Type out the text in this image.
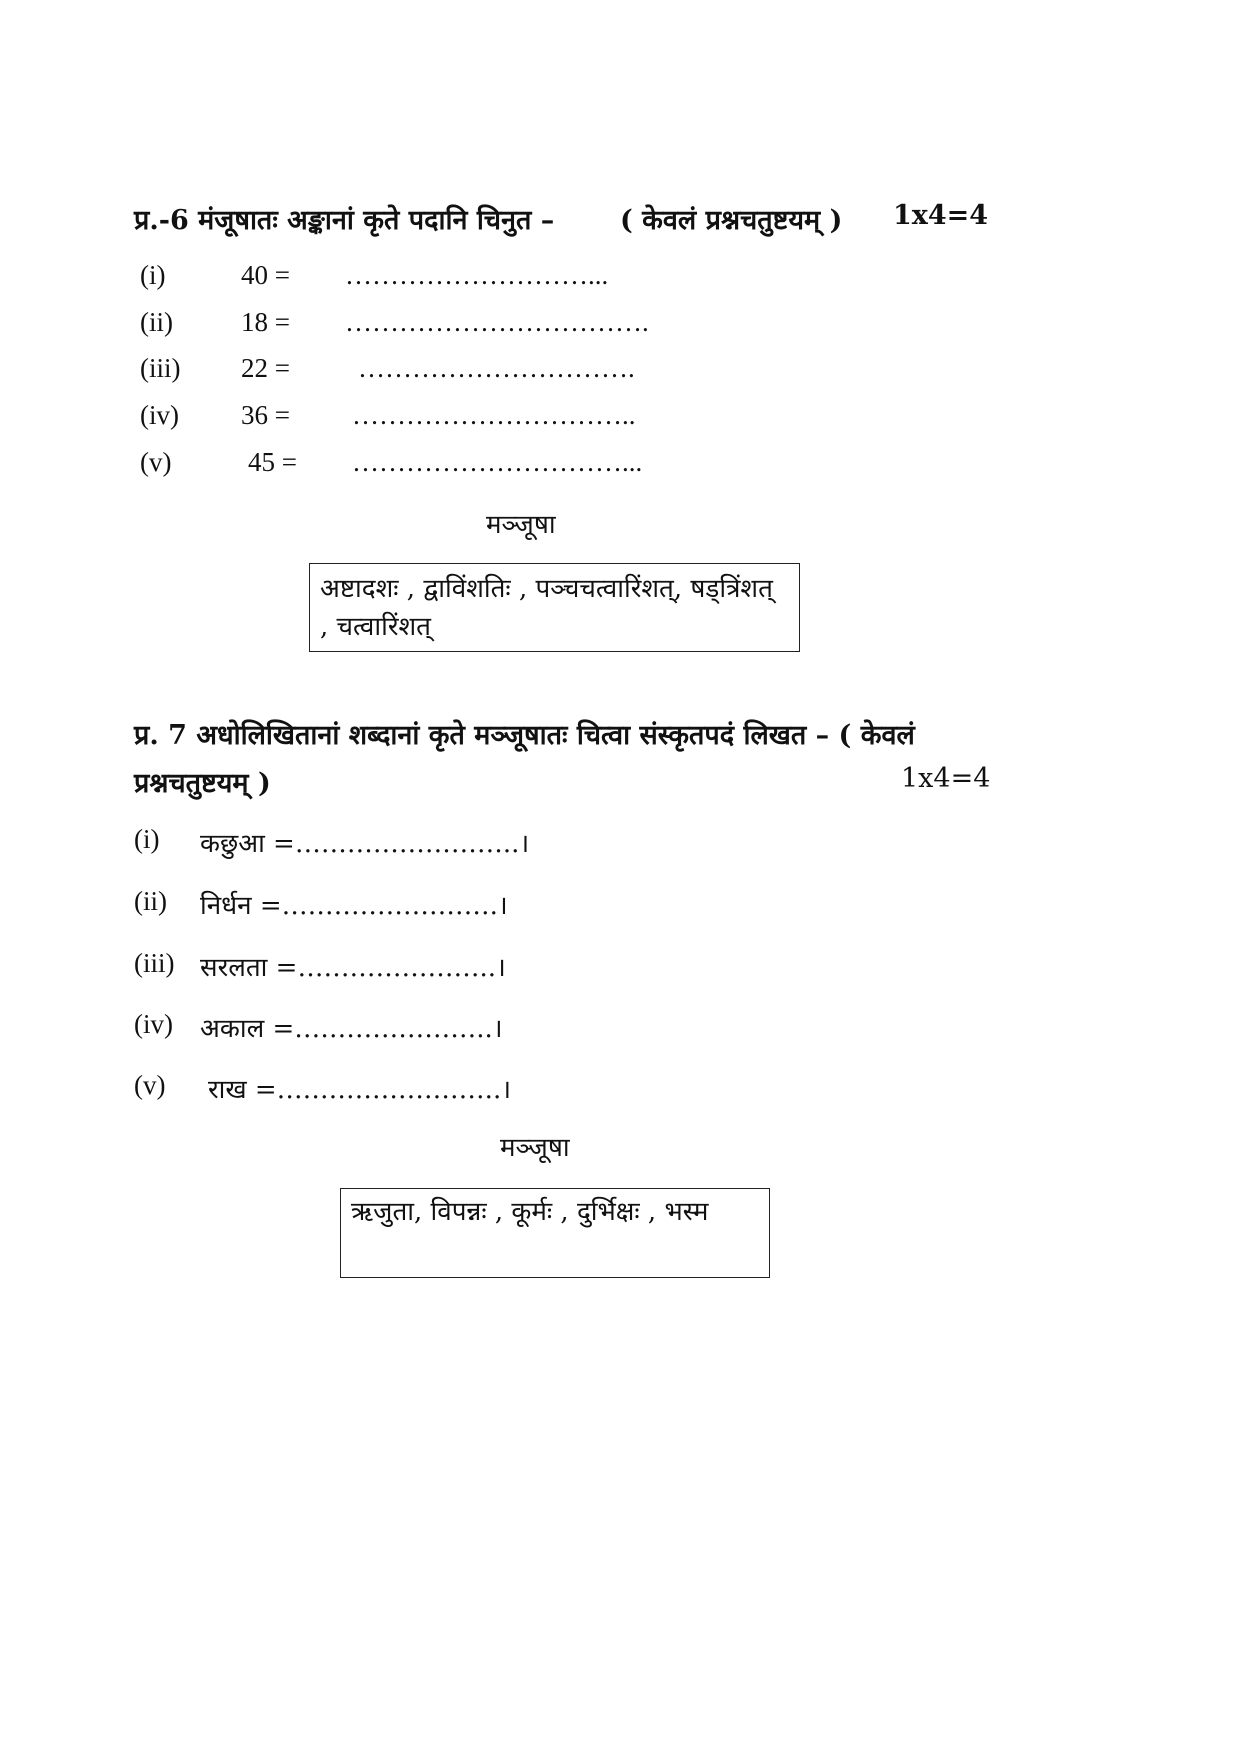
प्र.-6 मंजूषातः अङ्कानां कृते पदानि चिनुत – ( केवलं प्रश्नचतुष्टयम् ) 1x4=4
(i)	40 = ………………………...
(ii)	18 = …………………………….
(iii) 22 =	………………………….
(iv) 36 = …………………………..
(v)	45 = …………………………...
मञ्जूषा
अष्टादशः , द्वाविंशतिः , पञ्चचत्वारिंशत्, षड्त्रिंशत्
, चत्वारिंशत्
प्र. 7 अधोलिखितानां शब्दानां कृते मञ्जूषातः चित्वा संस्कृतपदं लिखत – ( केवलं
प्रश्नचतुष्टयम् )	1x4=4
(i) कछुआ =……………………..।
(ii) निर्धन =…………………….।
(iii) सरलता =…………………..।
(iv) अकाल =…………………..।
(v) राख =……………………..।
मञ्जूषा
ऋजुता, विपन्नः , कूर्मः , दुर्भिक्षः , भस्म
